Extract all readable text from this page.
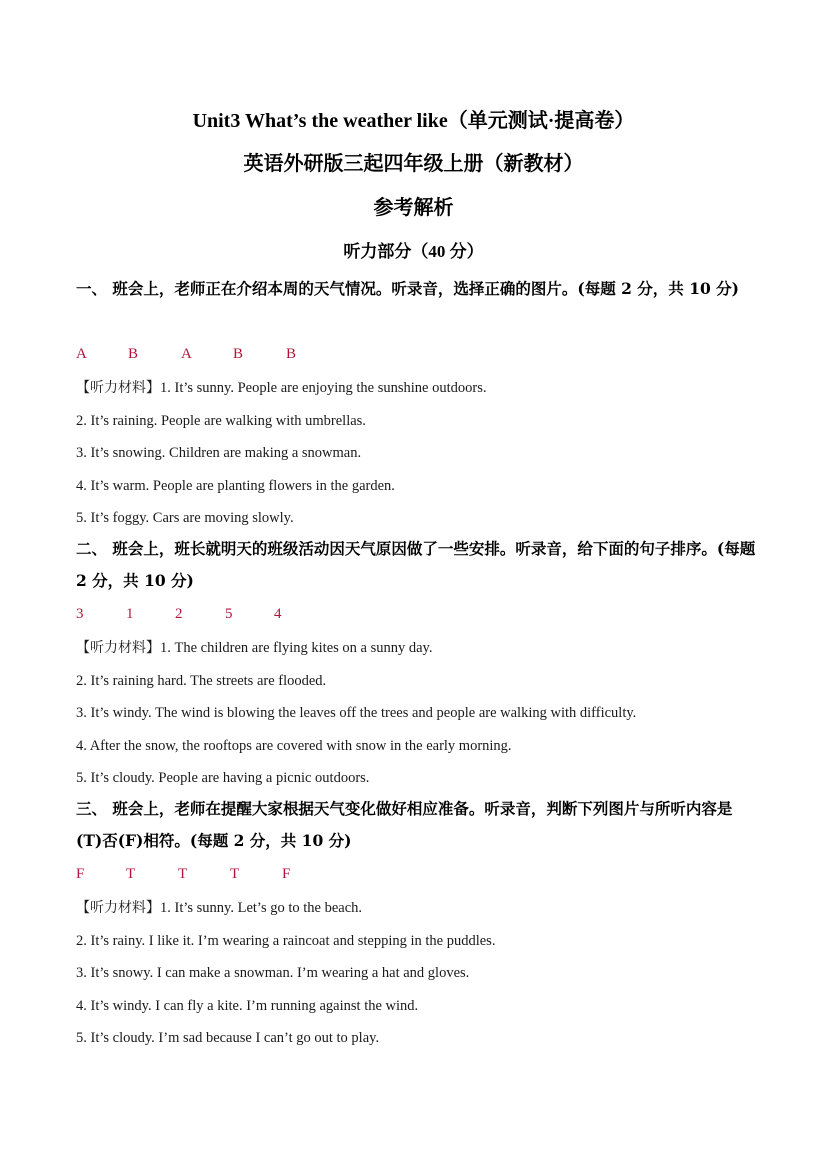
Unit3 What’s the weather like（单元测试·提高卷）
英语外研版三起四年级上册（新教材）
参考解析
听力部分（40 分）
一、 班会上，老师正在介绍本周的天气情况。听录音，选择正确的图片。(每题 2 分，共 10 分)
A	B	A	B	B
【听力材料】1. It’s sunny. People are enjoying the sunshine outdoors.
2. It’s raining. People are walking with umbrellas.
3. It’s snowing. Children are making a snowman.
4. It’s warm. People are planting flowers in the garden.
5. It’s foggy. Cars are moving slowly.
二、 班会上，班长就明天的班级活动因天气原因做了一些安排。听录音，给下面的句子排序。(每题 2 分，共 10 分)
3	1	2	5	4
【听力材料】1. The children are flying kites on a sunny day.
2. It’s raining hard. The streets are flooded.
3. It’s windy. The wind is blowing the leaves off the trees and people are walking with difficulty.
4. After the snow, the rooftops are covered with snow in the early morning.
5. It’s cloudy. People are having a picnic outdoors.
三、 班会上，老师在提醒大家根据天气变化做好相应准备。听录音，判断下列图片与所听内容是(T)否(F)相符。(每题 2 分，共 10 分)
F	T	T	T	F
【听力材料】1. It’s sunny. Let’s go to the beach.
2. It’s rainy. I like it. I’m wearing a raincoat and stepping in the puddles.
3. It’s snowy. I can make a snowman. I’m wearing a hat and gloves.
4. It’s windy. I can fly a kite. I’m running against the wind.
5. It’s cloudy. I’m sad because I can’t go out to play.
